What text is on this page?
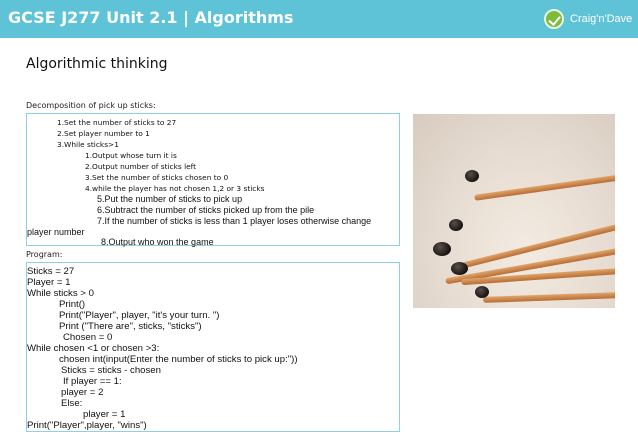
GCSE J277 Unit 2.1 | Algorithms	Craig'n'Dave
Algorithmic thinking
Decomposition of pick up sticks:
1.Set the number of sticks to 27
2.Set player number to 1
3.While sticks>1
1.Output whose turn it is
2.Output number of sticks left
3.Set the number of sticks chosen to 0
4.while the player has not chosen 1,2 or 3 sticks
5.Put the number of sticks to pick up
6.Subtract the number of sticks picked up from the pile
7.If the number of sticks is less than 1 player loses otherwise change
player number
8.Output who won the game
Program:
Sticks = 27
Player = 1
While sticks > 0
Print()
Print("Player", player, "it's your turn. ")
Print ("There are", sticks, "sticks")
Chosen = 0
While chosen <1 or chosen >3:
chosen int(input(Enter the number of sticks to pick up:"))
Sticks = sticks - chosen
If player == 1:
player = 2
Else:
player = 1
Print("Player",player, "wins")
